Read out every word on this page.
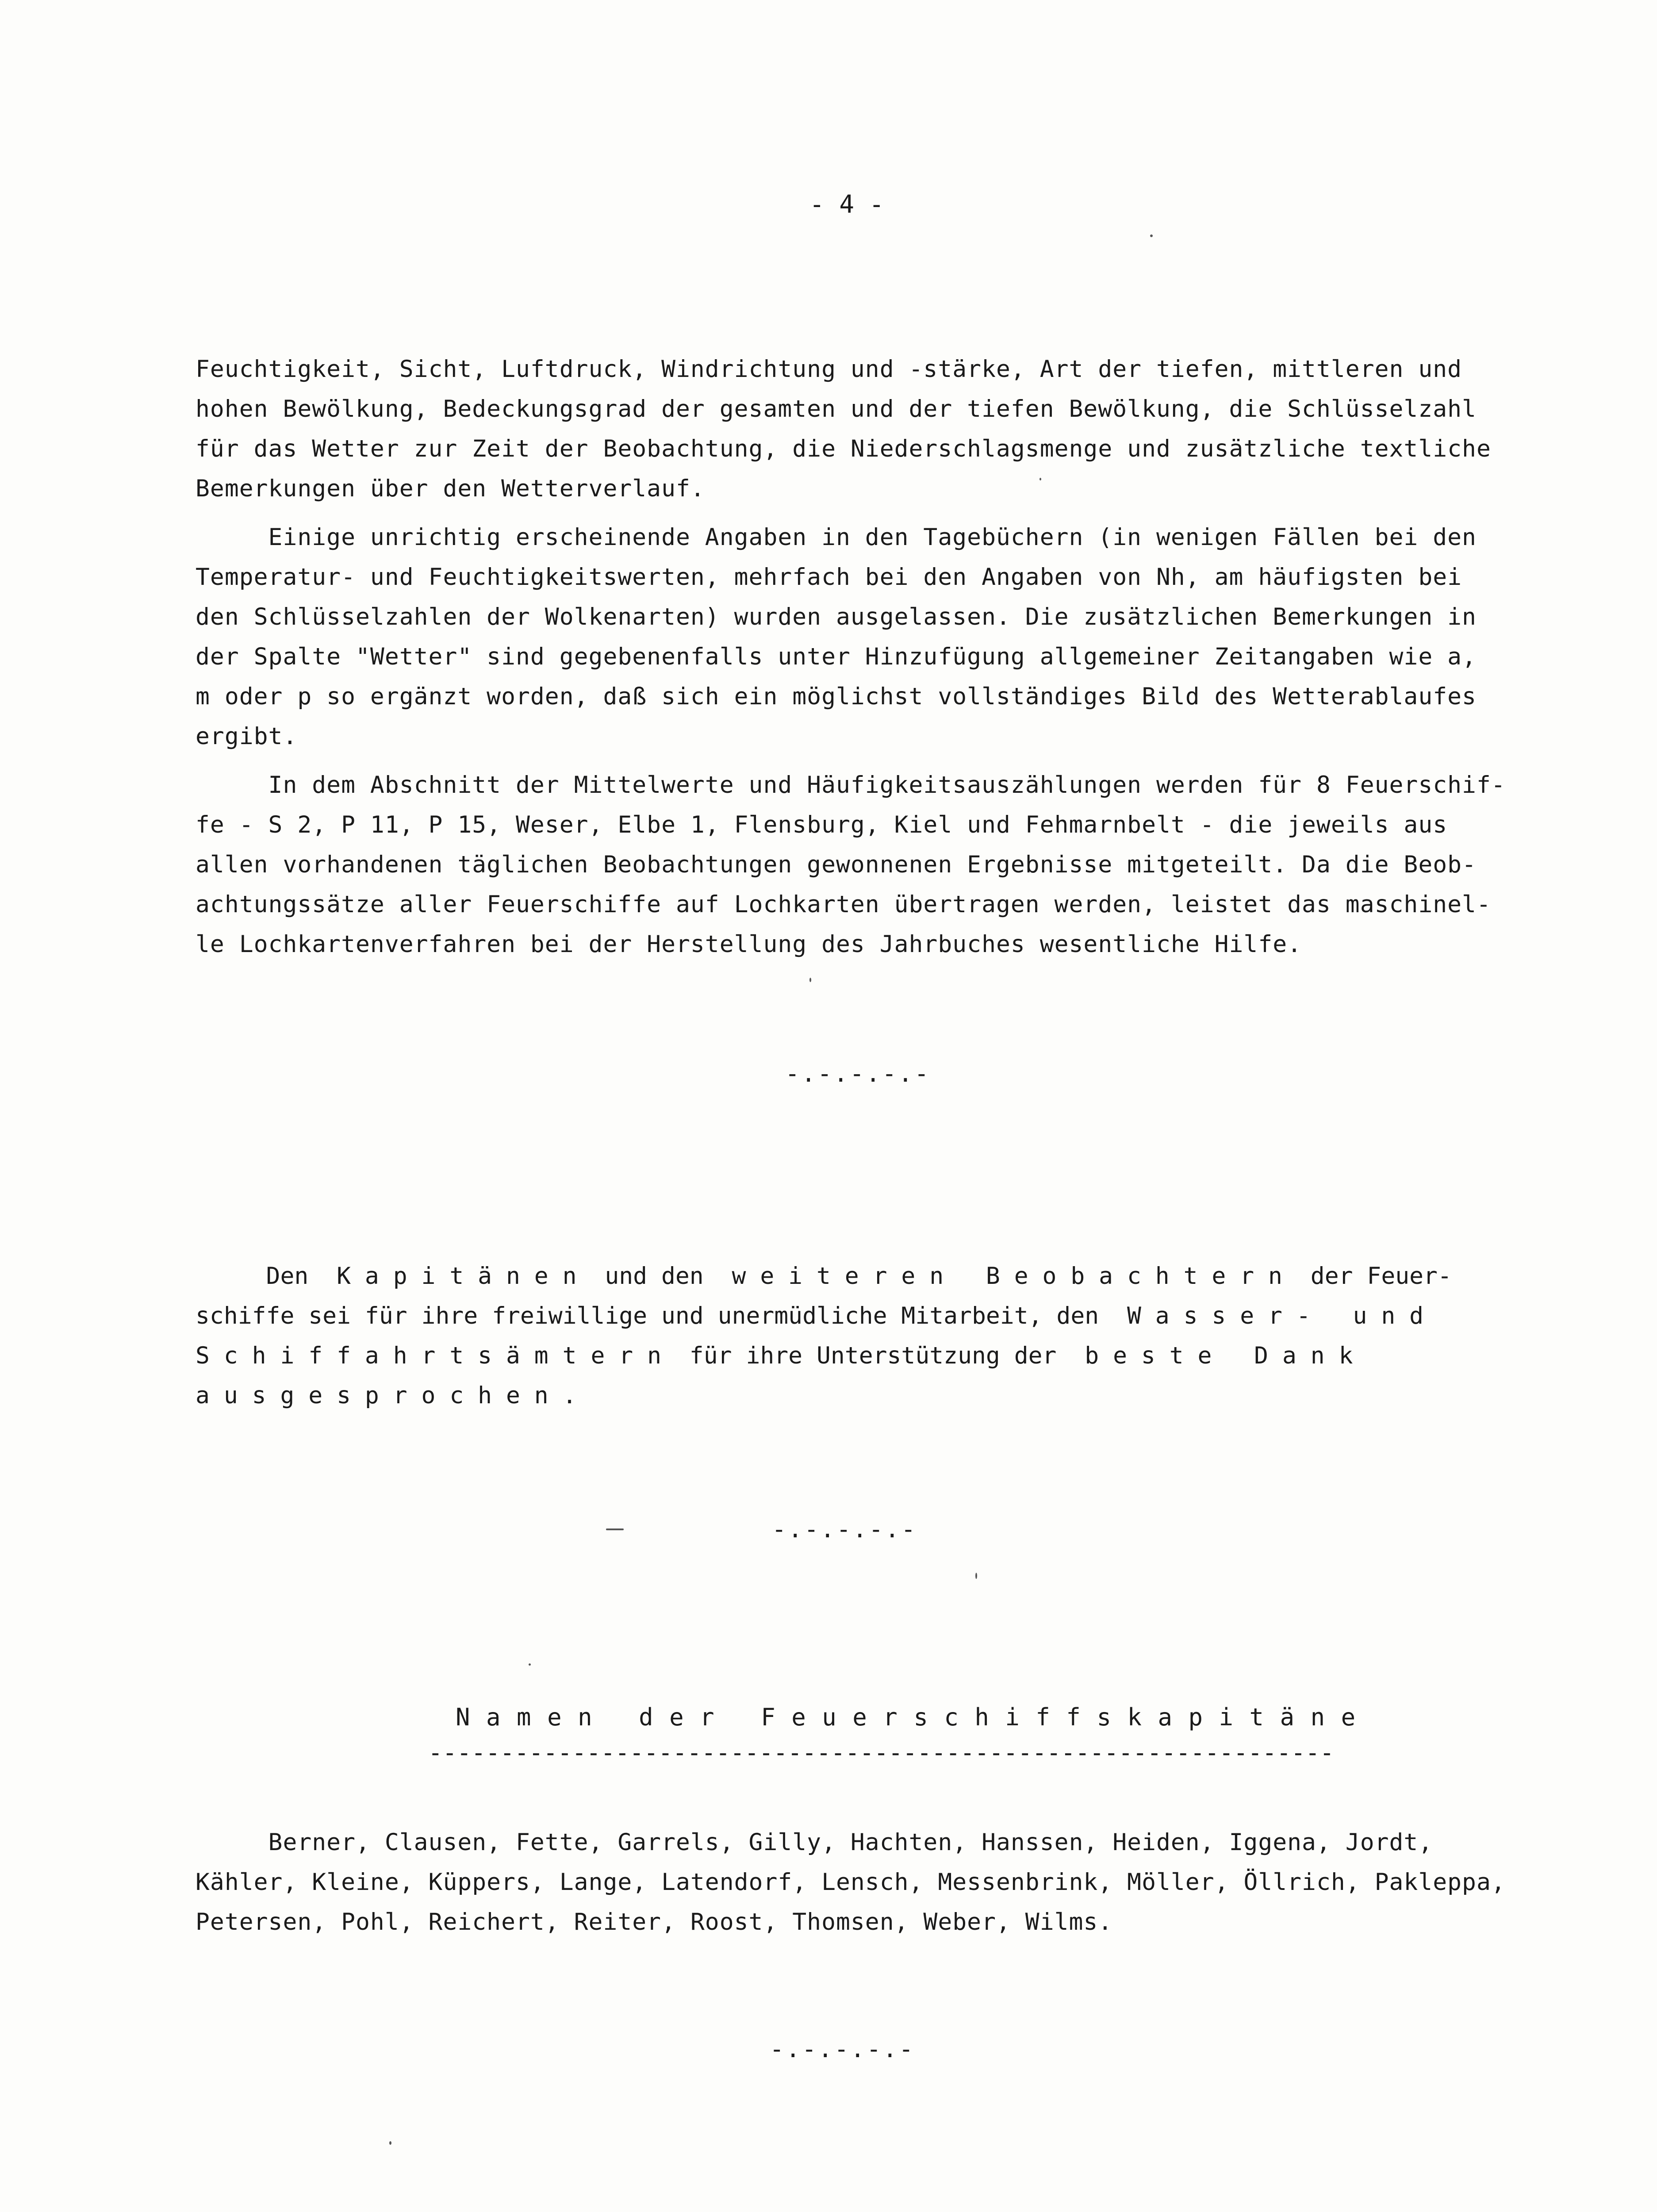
- 4 -
Feuchtigkeit, Sicht, Luftdruck, Windrichtung und -stärke, Art der tiefen, mittleren und
hohen Bewölkung, Bedeckungsgrad der gesamten und der tiefen Bewölkung, die Schlüsselzahl
für das Wetter zur Zeit der Beobachtung, die Niederschlagsmenge und zusätzliche textliche
Bemerkungen über den Wetterverlauf.
Einige unrichtig erscheinende Angaben in den Tagebüchern (in wenigen Fällen bei den
Temperatur- und Feuchtigkeitswerten, mehrfach bei den Angaben von Nh, am häufigsten bei
den Schlüsselzahlen der Wolkenarten) wurden ausgelassen. Die zusätzlichen Bemerkungen in
der Spalte "Wetter" sind gegebenenfalls unter Hinzufügung allgemeiner Zeitangaben wie a,
m oder p so ergänzt worden, daß sich ein möglichst vollständiges Bild des Wetterablaufes
ergibt.
In dem Abschnitt der Mittelwerte und Häufigkeitsauszählungen werden für 8 Feuerschif-
fe - S 2, P 11, P 15, Weser, Elbe 1, Flensburg, Kiel und Fehmarnbelt - die jeweils aus
allen vorhandenen täglichen Beobachtungen gewonnenen Ergebnisse mitgeteilt. Da die Beob-
achtungssätze aller Feuerschiffe auf Lochkarten übertragen werden, leistet das maschinel-
le Lochkartenverfahren bei der Herstellung des Jahrbuches wesentliche Hilfe.
-.-.-.-.-
Den  K a p i t ä n e n  und den  w e i t e r e n   B e o b a c h t e r n  der Feuer-
schiffe sei für ihre freiwillige und unermüdliche Mitarbeit, den  W a s s e r -   u n d
S c h i f f a h r t s ä m t e r n  für ihre Unterstützung der  b e s t e   D a n k
a u s g e s p r o c h e n .
-.-.-.-.-
N a m e n   d e r   F e u e r s c h i f f s k a p i t ä n e
---------------------------------------------------------------
Berner, Clausen, Fette, Garrels, Gilly, Hachten, Hanssen, Heiden, Iggena, Jordt,
Kähler, Kleine, Küppers, Lange, Latendorf, Lensch, Messenbrink, Möller, Öllrich, Pakleppa,
Petersen, Pohl, Reichert, Reiter, Roost, Thomsen, Weber, Wilms.
-.-.-.-.-
